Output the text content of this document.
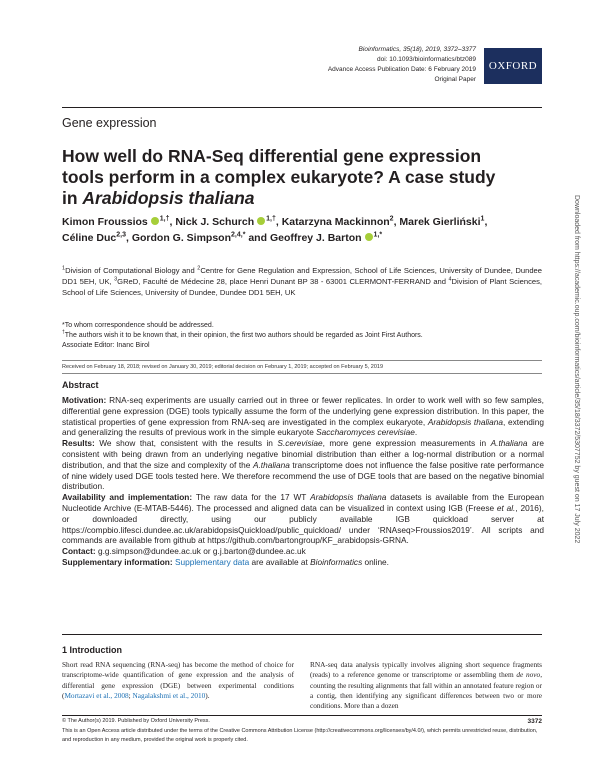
Bioinformatics, 35(18), 2019, 3372–3377
doi: 10.1093/bioinformatics/btz089
Advance Access Publication Date: 6 February 2019
Original Paper
OXFORD
Gene expression
How well do RNA-Seq differential gene expression tools perform in a complex eukaryote? A case study in Arabidopsis thaliana
Kimon Froussios $^{1,\dagger}$, Nick J. Schurch $^{1,\dagger}$, Katarzyna Mackinnon$^2$, Marek Gierliński$^1$, Céline Duc$^{2,3}$, Gordon G. Simpson$^{2,4,*}$ and Geoffrey J. Barton $^{1,*}$
$^1$Division of Computational Biology and $^2$Centre for Gene Regulation and Expression, School of Life Sciences, University of Dundee, Dundee DD1 5EH, UK, $^3$GReD, Faculté de Médecine 28, place Henri Dunant BP 38 - 63001 CLERMONT-FERRAND and $^4$Division of Plant Sciences, School of Life Sciences, University of Dundee, Dundee DD1 5EH, UK
*To whom correspondence should be addressed.
†The authors wish it to be known that, in their opinion, the first two authors should be regarded as Joint First Authors.
Associate Editor: Inanc Birol
Received on February 18, 2018; revised on January 30, 2019; editorial decision on February 1, 2019; accepted on February 5, 2019
Abstract

Motivation: RNA-seq experiments are usually carried out in three or fewer replicates. In order to work well with so few samples, differential gene expression (DGE) tools typically assume the form of the underlying gene expression distribution. In this paper, the statistical properties of gene expression from RNA-seq are investigated in the complex eukaryote, Arabidopsis thaliana, extending and generalizing the results of previous work in the simple eukaryote Saccharomyces cerevisiae.

Results: We show that, consistent with the results in S.cerevisiae, more gene expression measurements in A.thaliana are consistent with being drawn from an underlying negative binomial distribution than either a log-normal distribution or a normal distribution, and that the size and complexity of the A.thaliana transcriptome does not influence the false positive rate performance of nine widely used DGE tools tested here. We therefore recommend the use of DGE tools that are based on the negative binomial distribution.

Availability and implementation: The raw data for the 17 WT Arabidopsis thaliana datasets is available from the European Nucleotide Archive (E-MTAB-5446). The processed and aligned data can be visualized in context using IGB (Freese et al., 2016), or downloaded directly, using our publicly available IGB quickload server at https://compbio.lifesci.dundee.ac.uk/arabidopsisQuickload/public_quickload/ under ‘RNAseq>Froussios2019’. All scripts and commands are available from github at https://github.com/bartongroup/KF_arabidopsis-GRNA.

Contact: g.g.simpson@dundee.ac.uk or g.j.barton@dundee.ac.uk

Supplementary information: Supplementary data are available at Bioinformatics online.

1 Introduction
Short read RNA sequencing (RNA-seq) has become the method of choice for transcriptome-wide quantification of gene expression and the analysis of differential gene expression (DGE) between experimental conditions (Mortazavi et al., 2008; Nagalakshmi et al., 2010).
RNA-seq data analysis typically involves aligning short sequence fragments (reads) to a reference genome or transcriptome or assembling them de novo, counting the resulting alignments that fall within an annotated feature region or a contig, then identifying any significant differences between two or more conditions. More than a dozen
© The Author(s) 2019. Published by Oxford University Press.	3372
This is an Open Access article distributed under the terms of the Creative Commons Attribution License (http://creativecommons.org/licenses/by/4.0/), which permits unrestricted reuse, distribution, and reproduction in any medium, provided the original work is properly cited.
Downloaded from https://academic.oup.com/bioinformatics/article/35/18/3372/5307752 by guest on 17 July 2022
